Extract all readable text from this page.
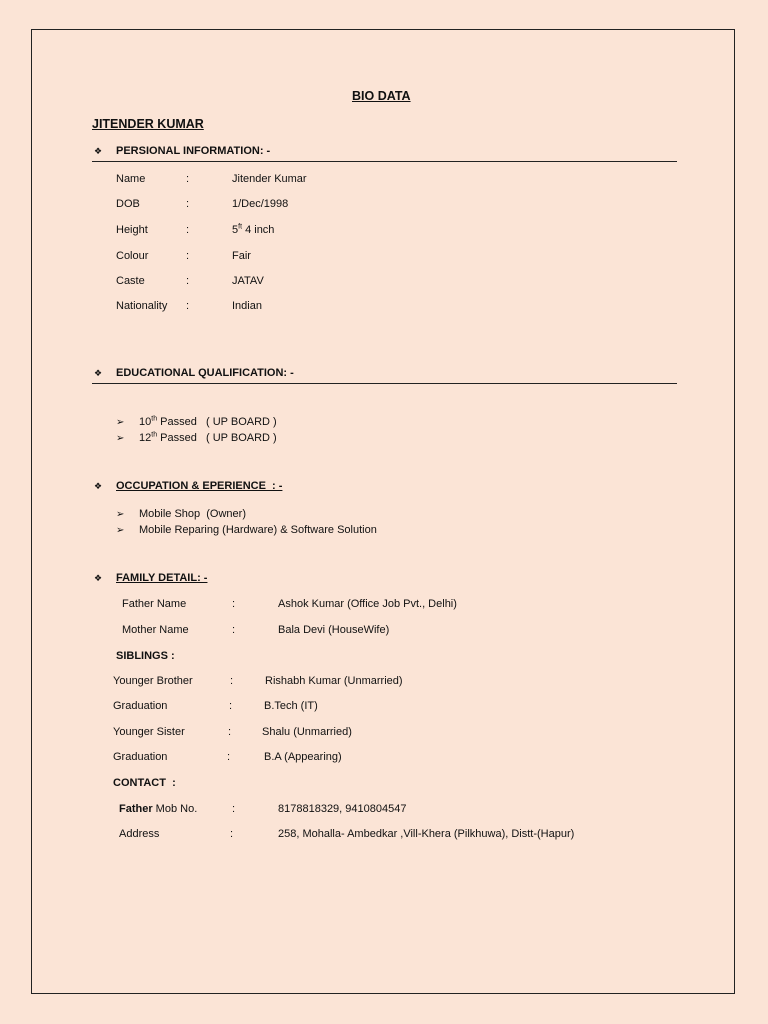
BIO DATA
JITENDER KUMAR
❖ PERSIONAL INFORMATION: -
Name	:	Jitender Kumar
DOB	:	1/Dec/1998
Height	:	$5^{ft}$ 4 inch
Colour	:	Fair
Caste	:	JATAV
Nationality :	Indian
❖ EDUCATIONAL QUALIFICATION: -
➢ 10th Passed   ( UP BOARD )
➢ 12th Passed   ( UP BOARD )
❖ OCCUPATION & EPERIENCE  : -
➢ Mobile Shop  (Owner)
➢ Mobile Reparing (Hardware) & Software Solution
❖ FAMILY DETAIL: -
Father Name	:	Ashok Kumar (Office Job Pvt., Delhi)
Mother Name	:	Bala Devi (HouseWife)
SIBLINGS :
Younger Brother	:	Rishabh Kumar (Unmarried)
Graduation	:	B.Tech (IT)
Younger Sister	:	Shalu (Unmarried)
Graduation	:	B.A (Appearing)
CONTACT  :
Father Mob No.	:	8178818329, 9410804547
Address	:	258, Mohalla- Ambedkar ,Vill-Khera (Pilkhuwa), Distt-(Hapur)
